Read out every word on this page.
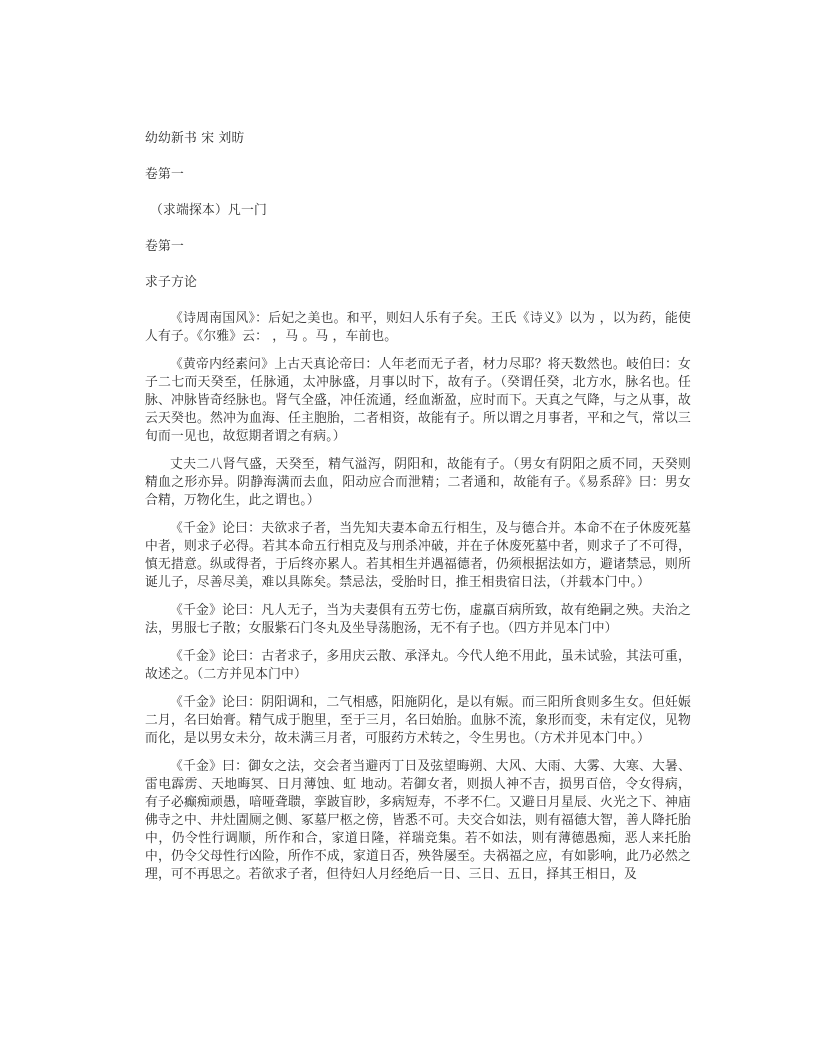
幼幼新书 宋 刘昉

卷第一

（求端探本）凡一门

卷第一

求子方论

《诗周南国风》：后妃之美也。和平，则妇人乐有子矣。王氏《诗义》以为 ，以为药，能使人有子。《尔雅》云： ，马 。马 ，车前也。

《黄帝内经素问》上古天真论帝曰：人年老而无子者，材力尽耶？将天数然也。岐伯曰：女子二七而天癸至，任脉通，太冲脉盛，月事以时下，故有子。（癸谓任癸，北方水，脉名也。任脉、冲脉皆奇经脉也。肾气全盛，冲任流通，经血渐盈，应时而下。天真之气降，与之从事，故云天癸也。然冲为血海、任主胞胎，二者相资，故能有子。所以谓之月事者，平和之气，常以三旬而一见也，故愆期者谓之有病。）

丈夫二八肾气盛，天癸至，精气溢泻，阴阳和，故能有子。（男女有阴阳之质不同，天癸则精血之形亦异。阴静海满而去血，阳动应合而泄精；二者通和，故能有子。《易系辞》曰：男女合精，万物化生，此之谓也。）

《千金》论曰：夫欲求子者，当先知夫妻本命五行相生，及与德合并。本命不在子休废死墓中者，则求子必得。若其本命五行相克及与刑杀冲破，并在子休废死墓中者，则求子了不可得，慎无措意。纵或得者，于后终亦累人。若其相生并遇福德者，仍须根据法如方，避诸禁忌，则所诞儿子，尽善尽美，难以具陈矣。禁忌法，受胎时日，推王相贵宿日法，（并载本门中。）

《千金》论曰：凡人无子，当为夫妻俱有五劳七伤，虚羸百病所致，故有绝嗣之殃。夫治之法，男服七子散；女服紫石门冬丸及坐导荡胞汤，无不有子也。（四方并见本门中）

《千金》论曰：古者求子，多用庆云散、承泽丸。今代人绝不用此，虽未试验，其法可重，故述之。（二方并见本门中）

《千金》论曰：阴阳调和，二气相感，阳施阴化，是以有娠。而三阳所食则多生女。但妊娠二月，名曰始膏。精气成于胞里，至于三月，名曰始胎。血脉不流，象形而变，未有定仪，见物而化，是以男女未分，故未满三月者，可服药方术转之，令生男也。（方术并见本门中。）

《千金》曰：御女之法，交会者当避丙丁日及弦望晦朔、大风、大雨、大雾、大寒、大暑、雷电霹雳、天地晦冥、日月薄蚀、虹 地动。若御女者，则损人神不吉，损男百倍，令女得病，有子必癫痴顽愚，喑哑聋聩，挛跛盲眇，多病短寿，不孝不仁。又避日月星辰、火光之下、神庙佛寺之中、井灶圊厕之侧、冢墓尸柩之傍，皆悉不可。夫交合如法，则有福德大智，善人降托胎中，仍令性行调顺，所作和合，家道日隆，祥瑞竞集。若不如法，则有薄德愚痴，恶人来托胎中，仍令父母性行凶险，所作不成，家道日否，殃咎屡至。夫祸福之应，有如影响，此乃必然之理，可不再思之。若欲求子者，但待妇人月经绝后一日、三日、五日，择其王相日，及
